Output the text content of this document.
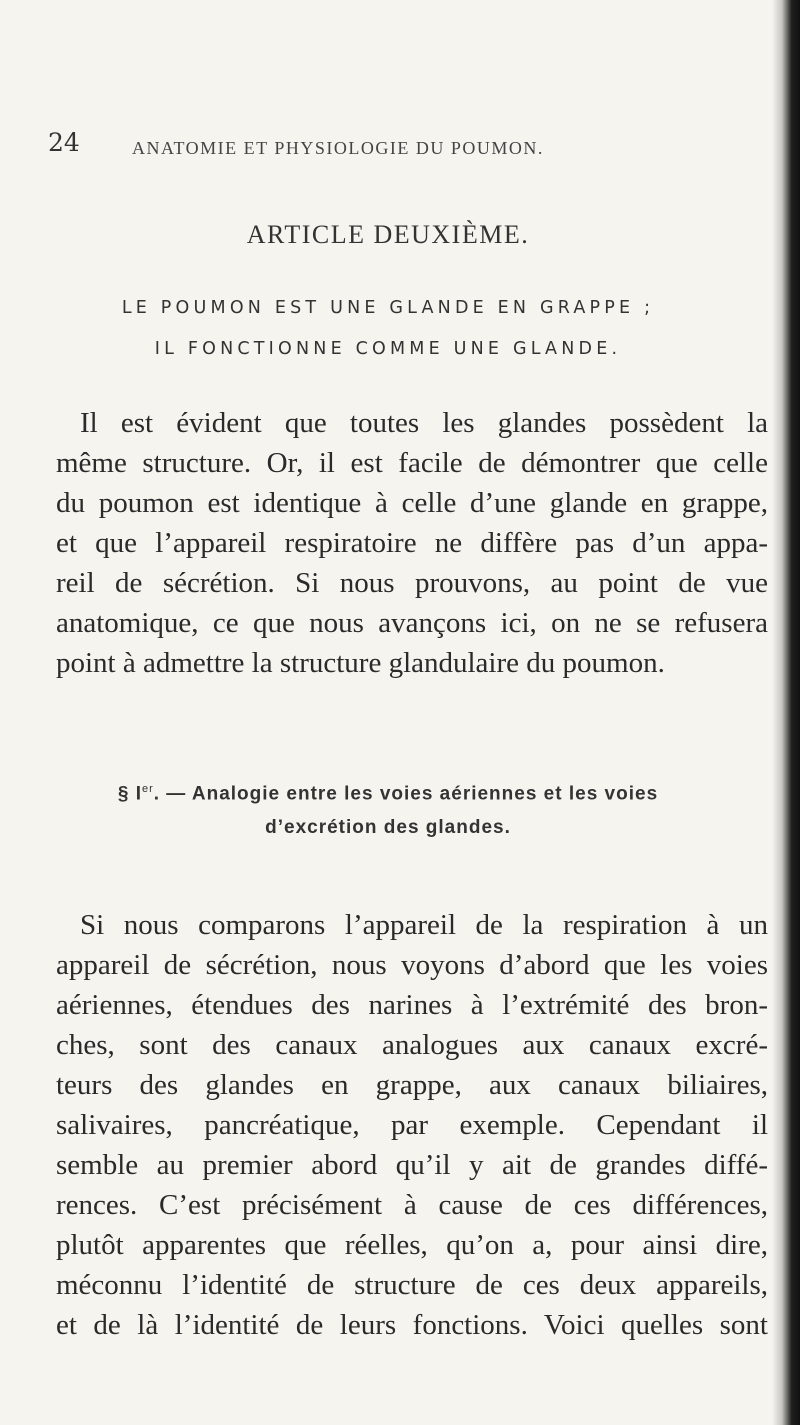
24	ANATOMIE ET PHYSIOLOGIE DU POUMON.
ARTICLE DEUXIÈME.
LE POUMON EST UNE GLANDE EN GRAPPE ;
IL FONCTIONNE COMME UNE GLANDE.
Il est évident que toutes les glandes possèdent la
même structure. Or, il est facile de démontrer que celle
du poumon est identique à celle d’une glande en grappe,
et que l’appareil respiratoire ne diffère pas d’un appa-
reil de sécrétion. Si nous prouvons, au point de vue
anatomique, ce que nous avançons ici, on ne se refusera
point à admettre la structure glandulaire du poumon.
§ Ier. — Analogie entre les voies aériennes et les voies
d’excrétion des glandes.
Si nous comparons l’appareil de la respiration à un
appareil de sécrétion, nous voyons d’abord que les voies
aériennes, étendues des narines à l’extrémité des bron-
ches, sont des canaux analogues aux canaux excré-
teurs des glandes en grappe, aux canaux biliaires,
salivaires, pancréatique, par exemple. Cependant il
semble au premier abord qu’il y ait de grandes diffé-
rences. C’est précisément à cause de ces différences,
plutôt apparentes que réelles, qu’on a, pour ainsi dire,
méconnu l’identité de structure de ces deux appareils,
et de là l’identité de leurs fonctions. Voici quelles sont
